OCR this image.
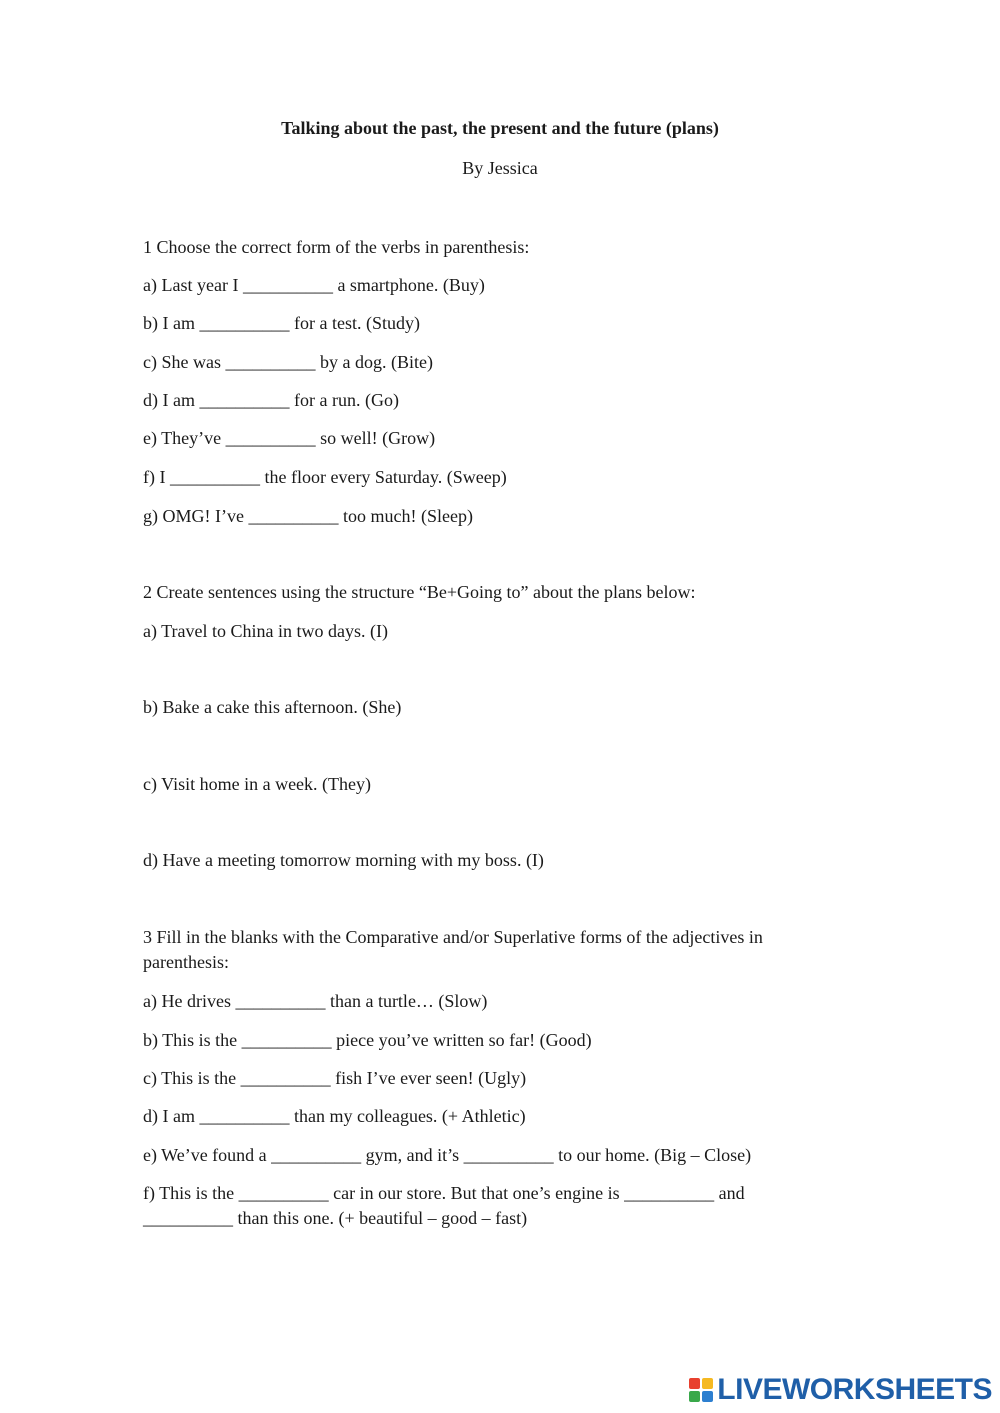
Talking about the past, the present and the future (plans)
By Jessica
1 Choose the correct form of the verbs in parenthesis:
a) Last year I __________ a smartphone. (Buy)
b) I am __________ for a test. (Study)
c) She was __________ by a dog. (Bite)
d) I am __________ for a run. (Go)
e) They’ve __________ so well! (Grow)
f) I __________ the floor every Saturday. (Sweep)
g) OMG! I’ve __________ too much! (Sleep)
2 Create sentences using the structure “Be+Going to” about the plans below:
a) Travel to China in two days. (I)
b) Bake a cake this afternoon. (She)
c) Visit home in a week. (They)
d) Have a meeting tomorrow morning with my boss. (I)
3 Fill in the blanks with the Comparative and/or Superlative forms of the adjectives in parenthesis:
a) He drives __________ than a turtle… (Slow)
b) This is the __________ piece you’ve written so far! (Good)
c) This is the __________ fish I’ve ever seen! (Ugly)
d) I am __________ than my colleagues. (+ Athletic)
e) We’ve found a __________ gym, and it’s __________ to our home. (Big – Close)
f) This is the __________ car in our store. But that one’s engine is __________ and __________ than this one. (+ beautiful – good – fast)
LIVEWORKSHEETS
